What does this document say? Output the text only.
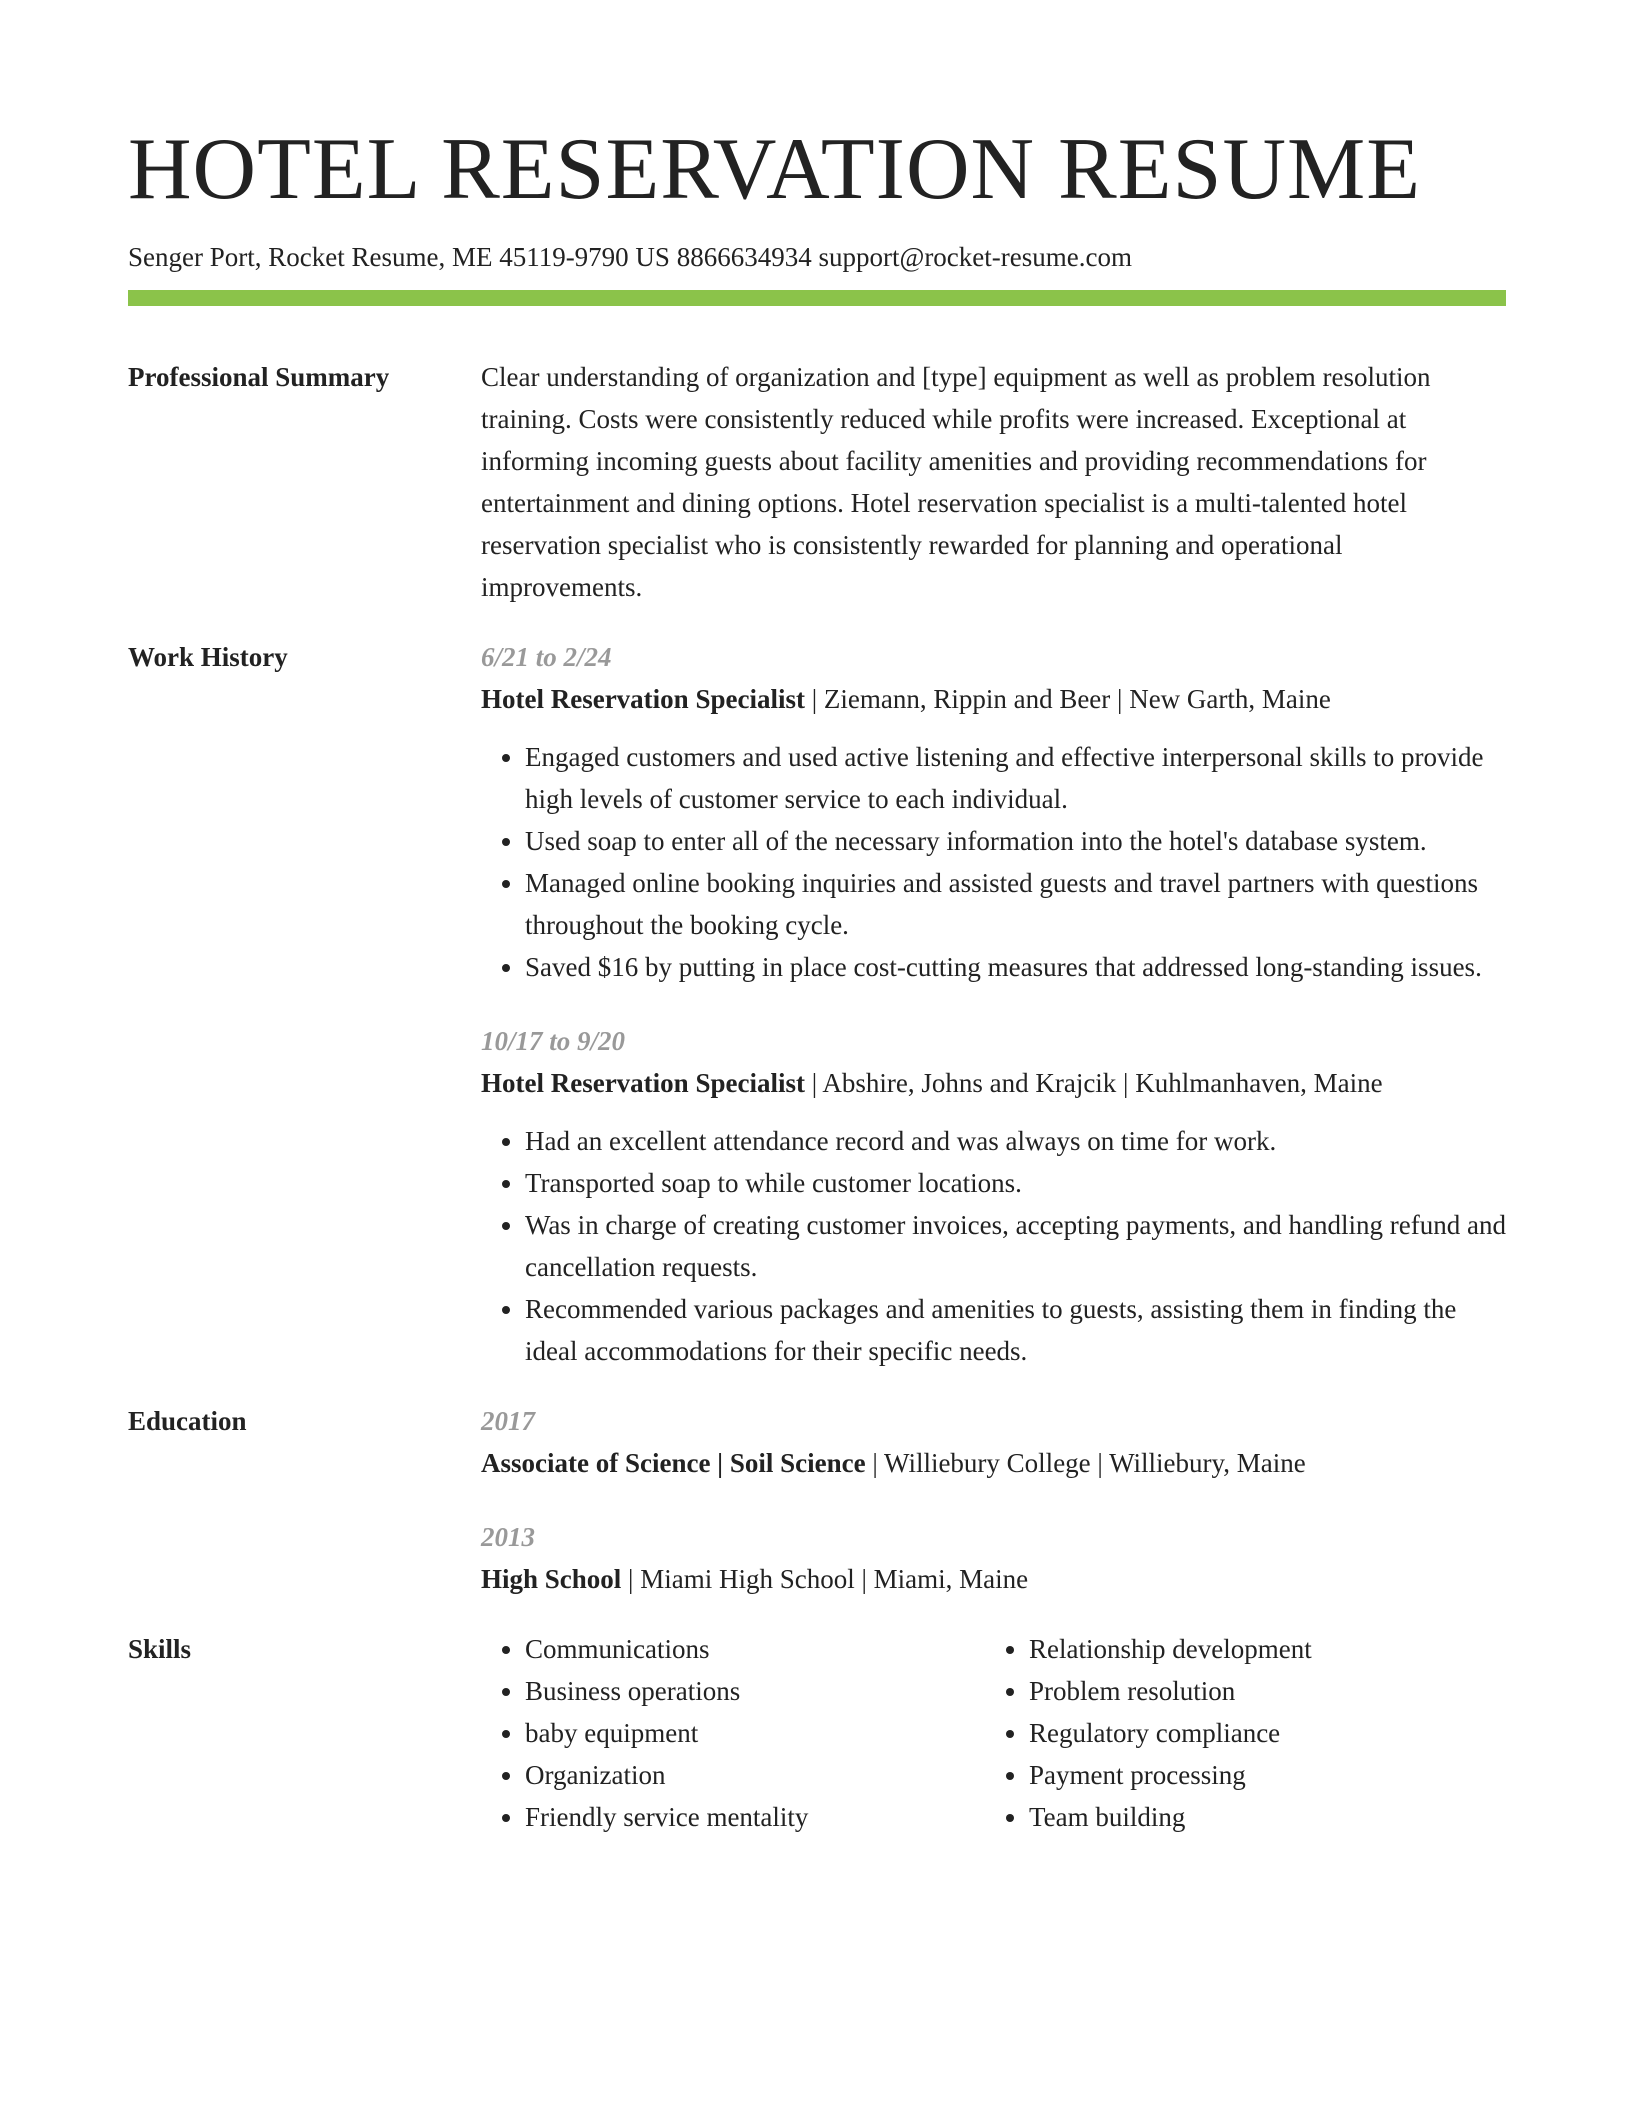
HOTEL RESERVATION RESUME
Senger Port, Rocket Resume, ME 45119-9790 US 8866634934 support@rocket-resume.com
Professional Summary	Clear understanding of organization and [type] equipment as well as problem resolution training. Costs were consistently reduced while profits were increased. Exceptional at informing incoming guests about facility amenities and providing recommendations for entertainment and dining options. Hotel reservation specialist is a multi-talented hotel reservation specialist who is consistently rewarded for planning and operational improvements.
Work History	6/21 to 2/24
Hotel Reservation Specialist | Ziemann, Rippin and Beer | New Garth, Maine
• Engaged customers and used active listening and effective interpersonal skills to provide high levels of customer service to each individual.
• Used soap to enter all of the necessary information into the hotel's database system.
• Managed online booking inquiries and assisted guests and travel partners with questions throughout the booking cycle.
• Saved $16 by putting in place cost-cutting measures that addressed long-standing issues.
10/17 to 9/20
Hotel Reservation Specialist | Abshire, Johns and Krajcik | Kuhlmanhaven, Maine
• Had an excellent attendance record and was always on time for work.
• Transported soap to while customer locations.
• Was in charge of creating customer invoices, accepting payments, and handling refund and cancellation requests.
• Recommended various packages and amenities to guests, assisting them in finding the ideal accommodations for their specific needs.
Education	2017
Associate of Science | Soil Science | Williebury College | Williebury, Maine
2013
High School | Miami High School | Miami, Maine
Skills
•	Communications
• Business operations
• baby equipment
• Organization
• Friendly service mentality
• Relationship development
• Problem resolution
• Regulatory compliance
• Payment processing
• Team building
